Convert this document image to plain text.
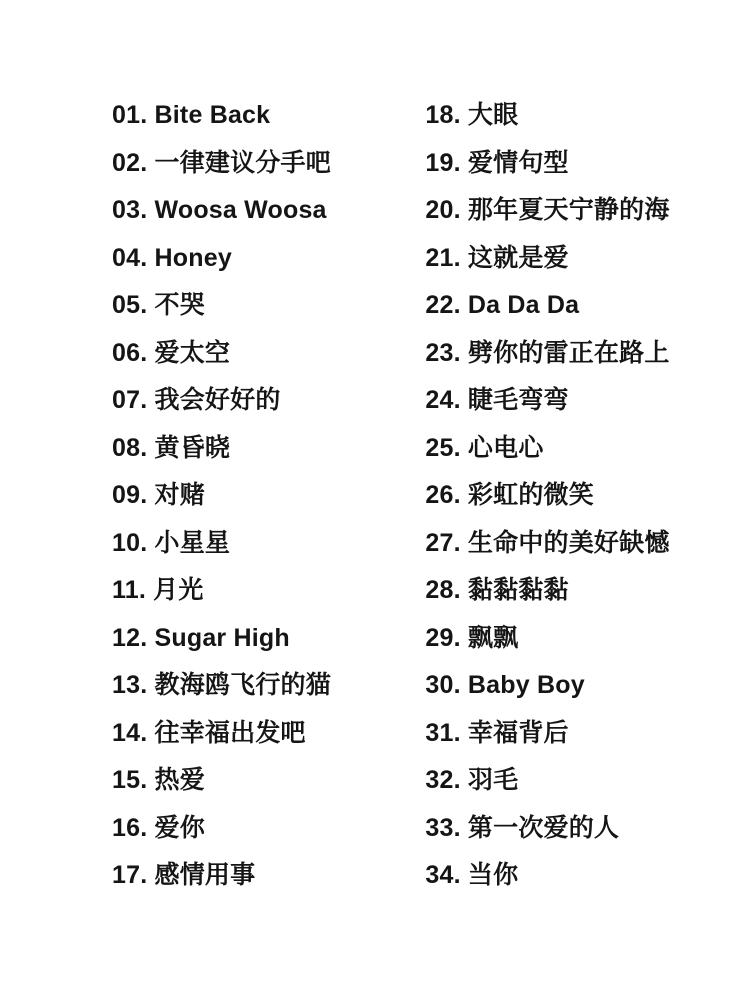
01. Bite Back
02. 一律建议分手吧
03. Woosa Woosa
04. Honey
05. 不哭
06. 爱太空
07. 我会好好的
08. 黄昏晓
09. 对赌
10. 小星星
11. 月光
12. Sugar High
13. 教海鸥飞行的猫
14. 往幸福出发吧
15. 热爱
16. 爱你
17. 感情用事
18. 大眼
19. 爱情句型
20. 那年夏天宁静的海
21. 这就是爱
22. Da Da Da
23. 劈你的雷正在路上
24. 睫毛弯弯
25. 心电心
26. 彩虹的微笑
27. 生命中的美好缺憾
28. 黏黏黏黏
29. 飘飘
30. Baby Boy
31. 幸福背后
32. 羽毛
33. 第一次爱的人
34. 当你
